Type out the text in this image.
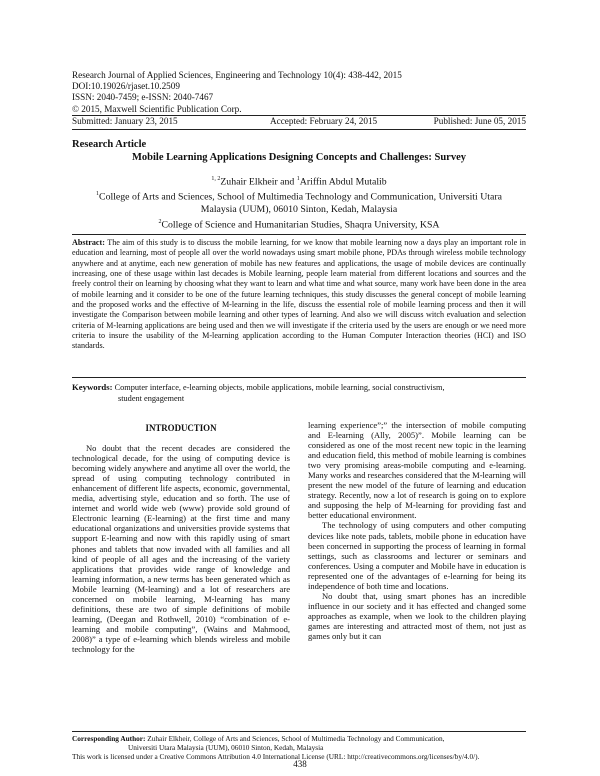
Research Journal of Applied Sciences, Engineering and Technology 10(4): 438-442, 2015
DOI:10.19026/rjaset.10.2509
ISSN: 2040-7459; e-ISSN: 2040-7467
© 2015, Maxwell Scientific Publication Corp.
Submitted: January 23, 2015	Accepted: February 24, 2015	Published: June 05, 2015
Research Article
Mobile Learning Applications Designing Concepts and Challenges: Survey
$^{1, 2}$Zuhair Elkheir and $^1$Ariffin Abdul Mutalib
$^1$College of Arts and Sciences, School of Multimedia Technology and Communication, Universiti Utara
Malaysia (UUM), 06010 Sinton, Kedah, Malaysia
$^2$College of Science and Humanitarian Studies, Shaqra University, KSA
Abstract: The aim of this study is to discuss the mobile learning, for we know that mobile learning now a days play an important role in education and learning, most of people all over the world nowadays using smart mobile phone, PDAs through wireless mobile technology anywhere and at anytime, each new generation of mobile has new features and applications, the usage of mobile devices are continually increasing, one of these usage within last decades is Mobile learning, people learn material from different locations and sources and the freely control their on learning by choosing what they want to learn and what time and what source, many work have been done in the area of mobile learning and it consider to be one of the future learning techniques, this study discusses the general concept of mobile learning and the proposed works and the effective of M-learning in the life, discuss the essential role of mobile learning process and then it will investigate the Comparison between mobile learning and other types of learning. And also we will discuss witch evaluation and selection criteria of M-learning applications are being used and then we will investigate if the criteria used by the users are enough or we need more criteria to insure the usability of the M-learning application according to the Human Computer Interaction theories (HCI) and ISO standards.
Keywords: Computer interface, e-learning objects, mobile applications, mobile learning, social constructivism,
student engagement
INTRODUCTION

No doubt that the recent decades are considered the technological decade, for the using of computing device is becoming widely anywhere and anytime all over the world, the spread of using computing technology contributed in enhancement of different life aspects, economic, governmental, media, advertising style, education and so forth. The use of internet and world wide web (www) provide sold ground of Electronic learning (E-learning) at the first time and many educational organizations and universities provide systems that support E-learning and now with this rapidly using of smart phones and tablets that now invaded with all families and all kind of people of all ages and the increasing of the variety applications that provides wide range of knowledge and learning information, a new terms has been generated which as Mobile learning (M-learning) and a lot of researchers are concerned on mobile learning, M-learning has many definitions, these are two of simple definitions of mobile learning, (Deegan and Rothwell, 2010) “combination of e-learning and mobile computing”, (Wains and Mahmood, 2008)” a type of e-learning which blends wireless and mobile technology for the

learning experience”;” the intersection of mobile computing and E-learning (Ally, 2005)”. Mobile learning can be considered as one of the most recent new topic in the learning and education field, this method of mobile learning is combines two very promising areas-mobile computing and e-learning. Many works and researches considered that the M-learning will present the new model of the future of learning and education strategy. Recently, now a lot of research is going on to explore and supposing the help of M-learning for providing fast and better educational environment.

The technology of using computers and other computing devices like note pads, tablets, mobile phone in education have been concerned in supporting the process of learning in formal settings, such as classrooms and lecturer or seminars and conferences. Using a computer and Mobile have in education is represented one of the advantages of e-learning for being its independence of both time and locations.

No doubt that, using smart phones has an incredible influence in our society and it has effected and changed some approaches as example, when we look to the children playing games are interesting and attracted most of them, not just as games only but it can

Corresponding Author: Zuhair Elkheir, College of Arts and Sciences, School of Multimedia Technology and Communication,
Universiti Utara Malaysia (UUM), 06010 Sinton, Kedah, Malaysia
This work is licensed under a Creative Commons Attribution 4.0 International License (URL: http://creativecommons.org/licenses/by/4.0/).
438
